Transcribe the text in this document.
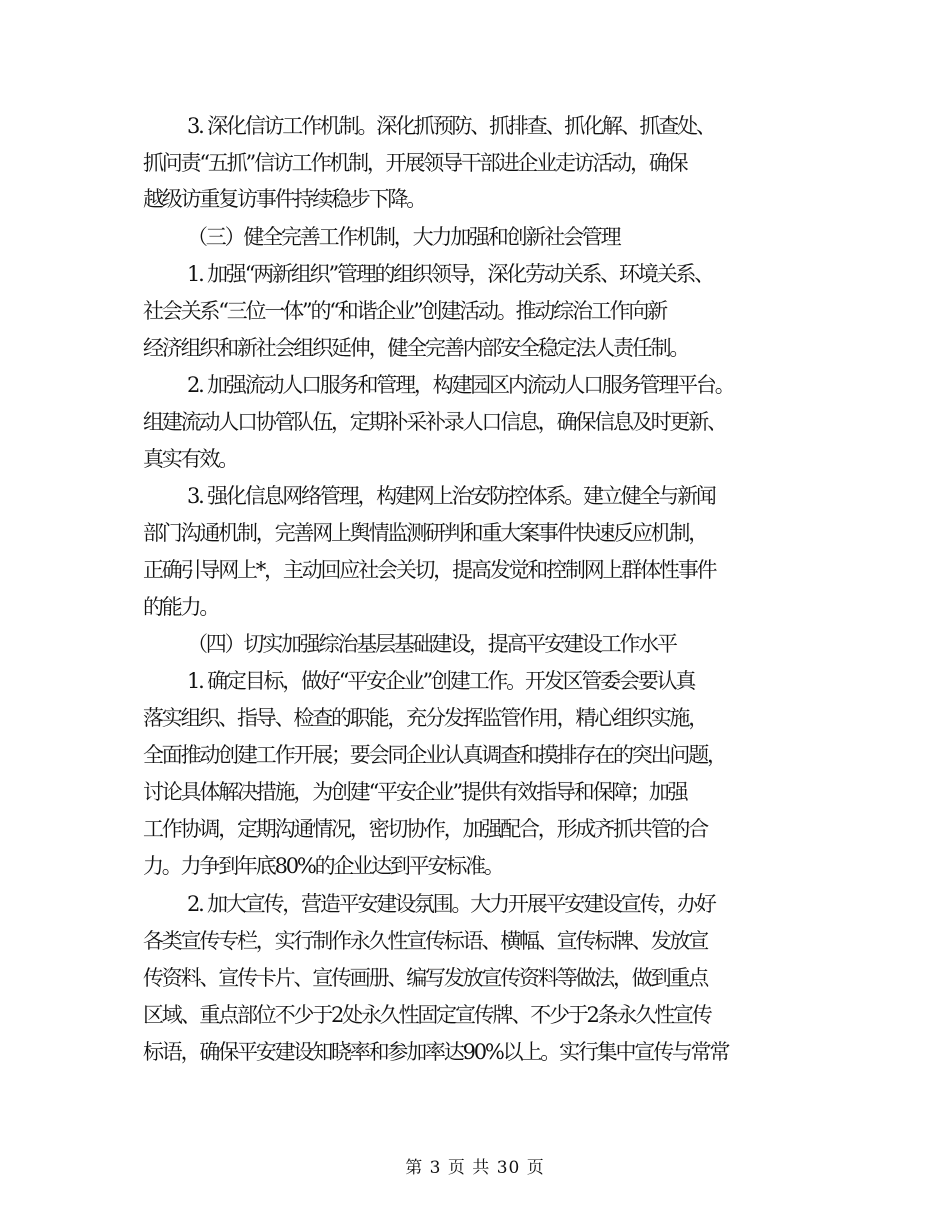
3. 深化信访工作机制。深化抓预防、抓排查、抓化解、抓查处、
抓问责“五抓”信访工作机制，开展领导干部进企业走访活动，确保
越级访重复访事件持续稳步下降。
（三）健全完善工作机制，大力加强和创新社会管理
1. 加强“两新组织”管理的组织领导，深化劳动关系、环境关系、
社会关系“三位一体”的“和谐企业”创建活动。推动综治工作向新
经济组织和新社会组织延伸，健全完善内部安全稳定法人责任制。
2. 加强流动人口服务和管理，构建园区内流动人口服务管理平台。
组建流动人口协管队伍，定期补采补录人口信息，确保信息及时更新、
真实有效。
3. 强化信息网络管理，构建网上治安防控体系。建立健全与新闻
部门沟通机制，完善网上舆情监测研判和重大案事件快速反应机制，
正确引导网上*，主动回应社会关切，提高发觉和控制网上群体性事件
的能力。
（四）切实加强综治基层基础建设，提高平安建设工作水平
1. 确定目标，做好“平安企业”创建工作。开发区管委会要认真
落实组织、指导、检查的职能，充分发挥监管作用，精心组织实施，
全面推动创建工作开展；要会同企业认真调查和摸排存在的突出问题，
讨论具体解决措施，为创建“平安企业”提供有效指导和保障；加强
工作协调，定期沟通情况，密切协作，加强配合，形成齐抓共管的合
力。力争到年底80%的企业达到平安标准。
2. 加大宣传，营造平安建设氛围。大力开展平安建设宣传，办好
各类宣传专栏，实行制作永久性宣传标语、横幅、宣传标牌、发放宣
传资料、宣传卡片、宣传画册、编写发放宣传资料等做法，做到重点
区域、重点部位不少于2处永久性固定宣传牌、不少于2条永久性宣传
标语，确保平安建设知晓率和参加率达90%以上。实行集中宣传与常常
第 3 页 共 30 页
